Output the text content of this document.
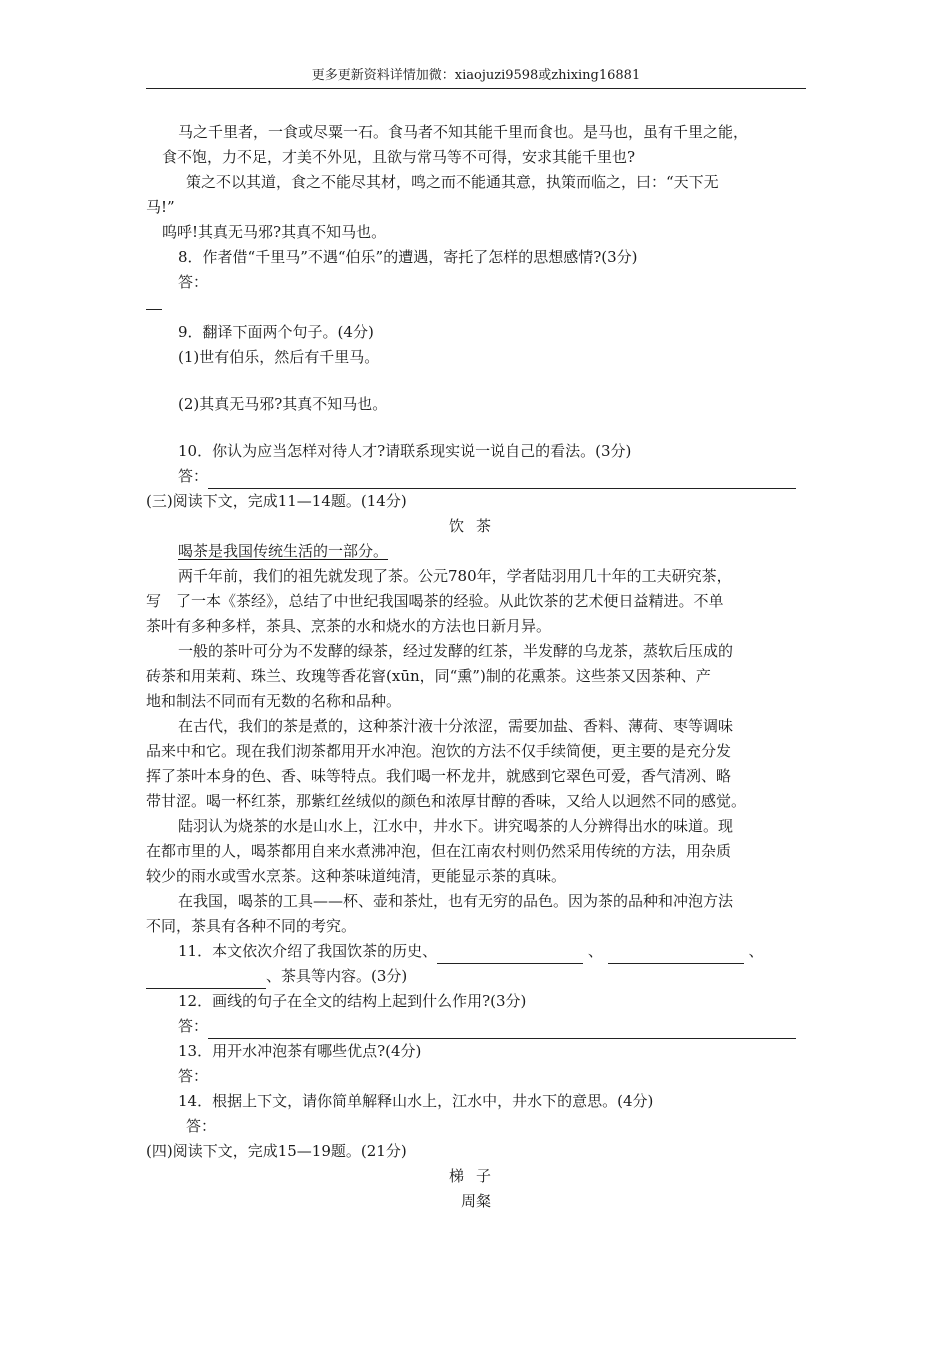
更多更新资料详情加微：xiaojuzi9598或zhixing16881

马之千里者，一食或尽粟一石。食马者不知其能千里而食也。是马也，虽有千里之能，

食不饱，力不足，才美不外见，且欲与常马等不可得，安求其能千里也?

策之不以其道，食之不能尽其材，鸣之而不能通其意，执策而临之，曰：“天下无

马!”

呜呼!其真无马邪?其真不知马也。

8．作者借“千里马”不遇“伯乐”的遭遇，寄托了怎样的思想感情?(3分)

答：

9．翻译下面两个句子。(4分)

(1)世有伯乐，然后有千里马。

(2)其真无马邪?其真不知马也。

10．你认为应当怎样对待人才?请联系现实说一说自己的看法。(3分)

答：

(三)阅读下文，完成11—14题。(14分)

饮茶

喝茶是我国传统生活的一部分。

两千年前，我们的祖先就发现了茶。公元780年，学者陆羽用几十年的工夫研究茶，

写　了一本《茶经》，总结了中世纪我国喝茶的经验。从此饮茶的艺术便日益精进。不单

茶叶有多种多样，茶具、烹茶的水和烧水的方法也日新月异。

一般的茶叶可分为不发酵的绿茶，经过发酵的红茶，半发酵的乌龙茶，蒸软后压成的

砖茶和用茉莉、珠兰、玫瑰等香花窨(xūn，同“熏”)制的花熏茶。这些茶又因茶种、产

地和制法不同而有无数的名称和品种。

在古代，我们的茶是煮的，这种茶汁液十分浓涩，需要加盐、香料、薄荷、枣等调味

品来中和它。现在我们沏茶都用开水冲泡。泡饮的方法不仅手续简便，更主要的是充分发

挥了茶叶本身的色、香、味等特点。我们喝一杯龙井，就感到它翠色可爱，香气清冽、略

带甘涩。喝一杯红茶，那紫红丝绒似的颜色和浓厚甘醇的香味，又给人以迥然不同的感觉。

陆羽认为烧茶的水是山水上，江水中，井水下。讲究喝茶的人分辨得出水的味道。现

在都市里的人，喝茶都用自来水煮沸冲泡，但在江南农村则仍然采用传统的方法，用杂质

较少的雨水或雪水烹茶。这种茶味道纯清，更能显示茶的真味。

在我国，喝茶的工具——杯、壶和茶灶，也有无穷的品色。因为茶的品种和冲泡方法

不同，茶具有各种不同的考究。

11．本文依次介绍了我国饮茶的历史、	、	、

、茶具等内容。(3分)

12．画线的句子在全文的结构上起到什么作用?(3分)

答：

13．用开水冲泡茶有哪些优点?(4分)

答：

14．根据上下文，请你简单解释山水上，江水中，井水下的意思。(4分)

答：

(四)阅读下文，完成15—19题。(21分)

梯子

周粲
